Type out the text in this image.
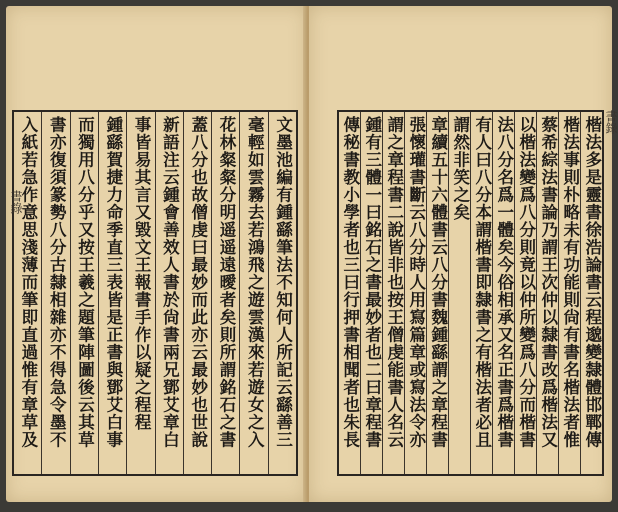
文墨池編有鍾繇筆法不知何人所記云繇善三
毫輕如雲霧去若鴻飛之遊雲漢來若遊女之入
花林粲粲分明遥遥遠曖者矣則所謂銘石之書
蓋八分也故僧虔曰最妙而此亦云最妙也世說
新語注云鍾會善效人書於尙書兩兄鄧艾章白
事皆易其言又毀文王報書手作以疑之程程
鍾繇賀捷力命季直三表皆是正書與鄧艾白事
而獨用八分乎又按王羲之題筆陣圖後云其草
書亦復須篆勢八分古隸相雜亦不得急令墨不
入紙若急作意思淺薄而筆即直過惟有章草及
書錄	楷法多是靈書徐浩論書云程邈變隸體邯鄲傳
楷法事則朴略未有功能則尙有書名楷法者惟
蔡希綜法書論乃謂王次仲以隸書改爲楷法又
以楷法變爲八分則竟以仲所變爲八分而楷書
法八分名爲一體矣今俗相承又名正書爲楷書
有人曰八分本謂楷書即隸書之有楷法者必且
謂然非笑之矣
章續五十六體書云八分書魏鍾繇謂之章程書
張懷瓘書斷云八分時人用寫篇章或寫法令亦
謂之章程書二說皆非也按王僧虔能書人名云
鍾有三體一曰銘石之書最妙者也二曰章程書
傳秘書教小學者也三曰行押書相聞者也朱長	書錄
